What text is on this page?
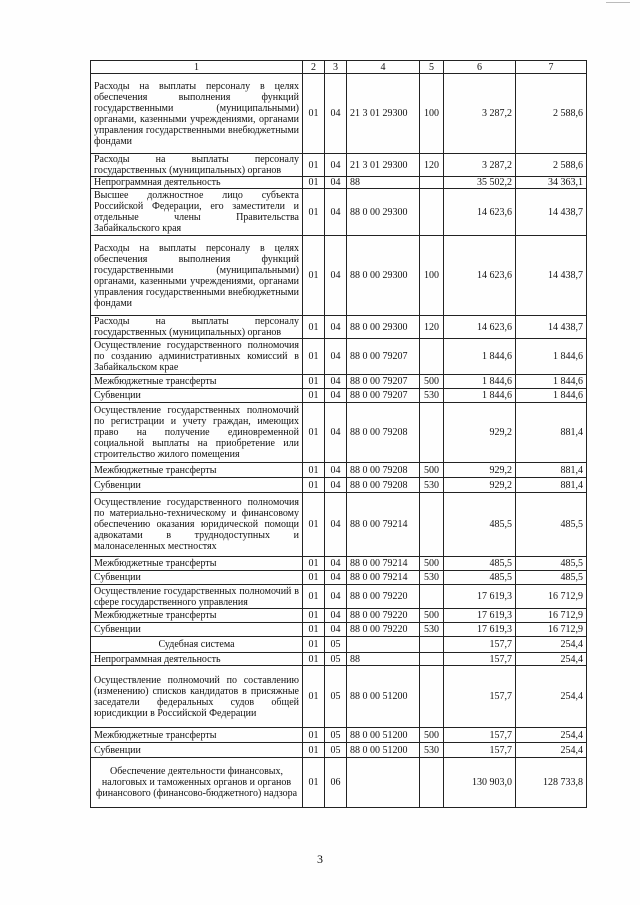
1	2	3	4	5	6	7
Расходы на выплаты персоналу в целях обеспечения выполнения функций государственными (муниципальными) органами, казенными учреждениями, органами управления государственными внебюджетными фондами	01	04	21 3 01 29300	100	3 287,2	2 588,6
Расходы на выплаты персоналу государственных (муниципальных) органов	01	04	21 3 01 29300	120	3 287,2	2 588,6
Непрограммная деятельность	01	04	88		35 502,2	34 363,1
Высшее должностное лицо субъекта Российской Федерации, его заместители и отдельные члены Правительства Забайкальского края	01	04	88 0 00 29300		14 623,6	14 438,7
Расходы на выплаты персоналу в целях обеспечения выполнения функций государственными (муниципальными) органами, казенными учреждениями, органами управления государственными внебюджетными фондами	01	04	88 0 00 29300	100	14 623,6	14 438,7
Расходы на выплаты персоналу государственных (муниципальных) органов	01	04	88 0 00 29300	120	14 623,6	14 438,7
Осуществление государственного полномочия по созданию административных комиссий в Забайкальском крае	01	04	88 0 00 79207		1 844,6	1 844,6
Межбюджетные трансферты	01	04	88 0 00 79207	500	1 844,6	1 844,6
Субвенции	01	04	88 0 00 79207	530	1 844,6	1 844,6
Осуществление государственных полномочий по регистрации и учету граждан, имеющих право на получение единовременной социальной выплаты на приобретение или строительство жилого помещения	01	04	88 0 00 79208		929,2	881,4
Межбюджетные трансферты	01	04	88 0 00 79208	500	929,2	881,4
Субвенции	01	04	88 0 00 79208	530	929,2	881,4
Осуществление государственного полномочия по материально-техническому и финансовому обеспечению оказания юридической помощи адвокатами в труднодоступных и малонаселенных местностях	01	04	88 0 00 79214		485,5	485,5
Межбюджетные трансферты	01	04	88 0 00 79214	500	485,5	485,5
Субвенции	01	04	88 0 00 79214	530	485,5	485,5
Осуществление государственных полномочий в сфере государственного управления	01	04	88 0 00 79220		17 619,3	16 712,9
Межбюджетные трансферты	01	04	88 0 00 79220	500	17 619,3	16 712,9
Субвенции	01	04	88 0 00 79220	530	17 619,3	16 712,9
Судебная система	01	05			157,7	254,4
Непрограммная деятельность	01	05	88		157,7	254,4
Осуществление полномочий по составлению (изменению) списков кандидатов в присяжные заседатели федеральных судов общей юрисдикции в Российской Федерации	01	05	88 0 00 51200		157,7	254,4
Межбюджетные трансферты	01	05	88 0 00 51200	500	157,7	254,4
Субвенции	01	05	88 0 00 51200	530	157,7	254,4
Обеспечение деятельности финансовых, налоговых и таможенных органов и органов финансового (финансово-бюджетного) надзора	01	06			130 903,0	128 733,8
3
